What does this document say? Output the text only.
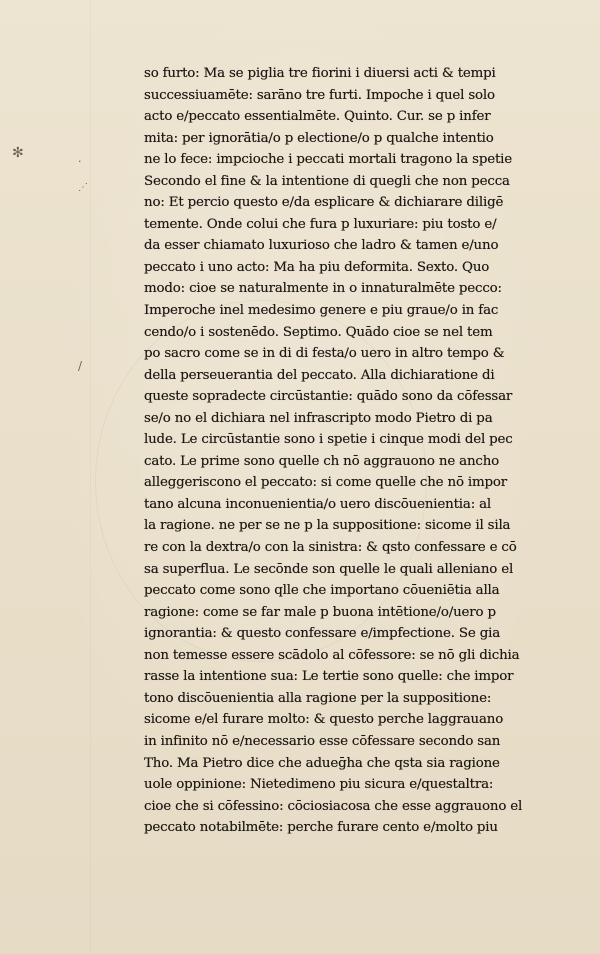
✻
·
⋰
/
so furto: Ma se piglia tre fiorini i diuersi acti & tempi
successiuamēte: sarāno tre furti. Impoche i quel solo
acto e/peccato essentialmēte. Quinto. Cur. se p infer
mita: per ignorātia/o p electione/o p qualche intentio
ne lo fece: impcioche i peccati mortali tragono la spetie
Secondo el fine & la intentione di quegli che non pecca
no: Et percio questo e/da esplicare & dichiarare diligē
temente. Onde colui che fura p luxuriare: piu tosto e/
da esser chiamato luxurioso che ladro & tamen e/uno
peccato i uno acto: Ma ha piu deformita. Sexto. Quo
modo: cioe se naturalmente in o innaturalmēte pecco:
Imperoche inel medesimo genere e piu graue/o in fac
cendo/o i sostenēdo. Septimo. Quādo cioe se nel tem
po sacro come se in di di festa/o uero in altro tempo &
della perseuerantia del peccato. Alla dichiaratione di
queste sopradecte circūstantie: quādo sono da cōfessar
se/o no el dichiara nel infrascripto modo Pietro di pa
lude. Le circūstantie sono i spetie i cinque modi del pec
cato. Le prime sono quelle ch nō aggrauono ne ancho
alleggeriscono el peccato: si come quelle che nō impor
tano alcuna inconuenientia/o uero discōuenientia: al
la ragione. ne per se ne p la suppositione: sicome il sila
re con la dextra/o con la sinistra: & qsto confessare e cō
sa superflua. Le secōnde son quelle le quali alleniano el
peccato come sono qlle che importano cōueniētia alla
ragione: come se far male p buona intētione/o/uero p
ignorantia: & questo confessare e/impfectione. Se gia
non temesse essere scādolo al cōfessore: se nō gli dichia
rasse la intentione sua: Le tertie sono quelle: che impor
tono discōuenientia alla ragione per la suppositione:
sicome e/el furare molto: & questo perche laggrauano
in infinito nō e/necessario esse cōfessare secondo san
Tho. Ma Pietro dice che adueḡha che qsta sia ragione
uole oppinione: Nietedimeno piu sicura e/questaltra:
cioe che si cōfessino: cōciosiacosa che esse aggrauono el
peccato notabilmēte: perche furare cento e/molto piu
